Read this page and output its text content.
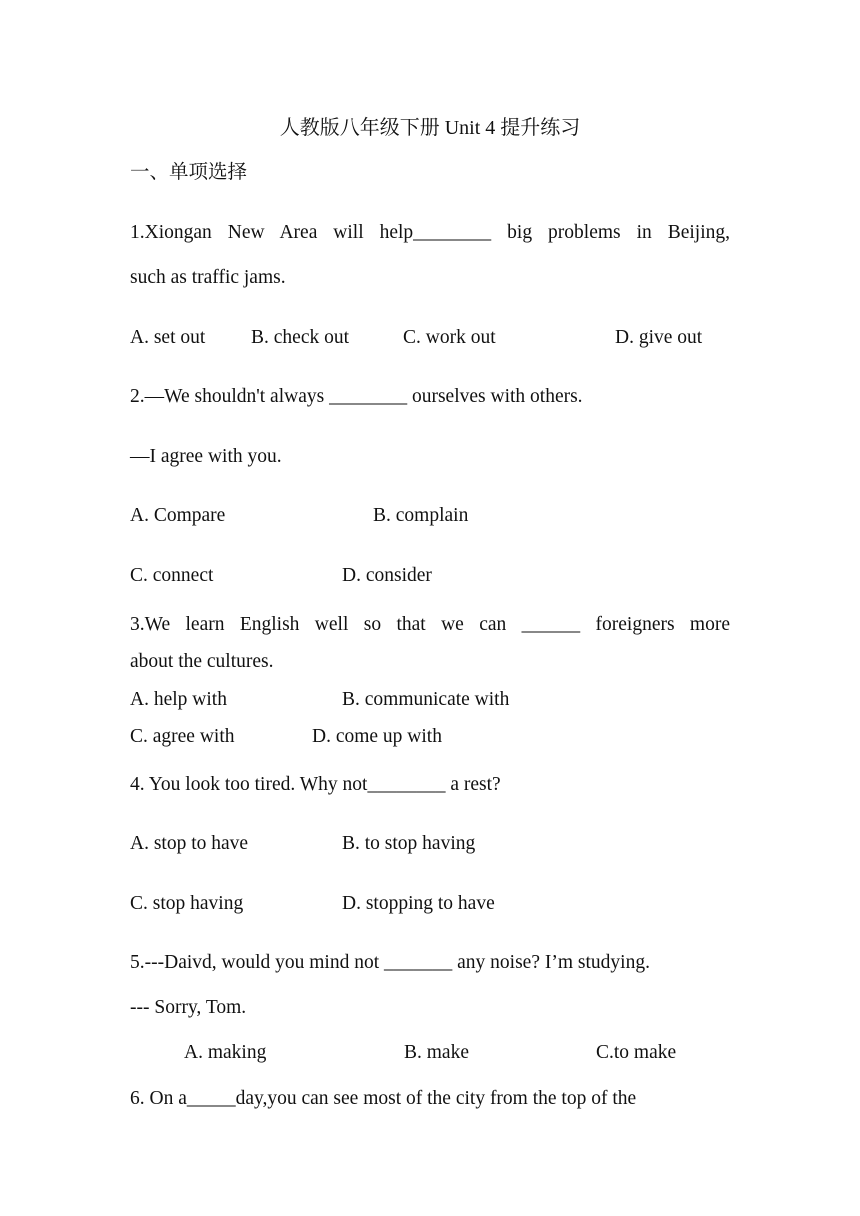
人教版八年级下册 Unit 4 提升练习
一、单项选择
1.Xiongan New Area will help________ big problems in Beijing,
such as traffic jams.
A. set out B. check out	C. work out	D. give out
2.—We shouldn't always ________ ourselves with others.
—I agree with you.
A. Compare	B. complain
C. connect	D. consider
3.We learn English well so that we can ______ foreigners more
about the cultures.
A. help with	B. communicate with
C. agree with	D. come up with
4. You look too tired. Why not________ a rest?
A. stop to have	B. to stop having
C. stop having	D. stopping to have
5.---Daivd, would you mind not _______ any noise? I’m studying.
--- Sorry, Tom.
A. making	B. make	C.to make
6. On a_____day,you can see most of the city from the top of the
